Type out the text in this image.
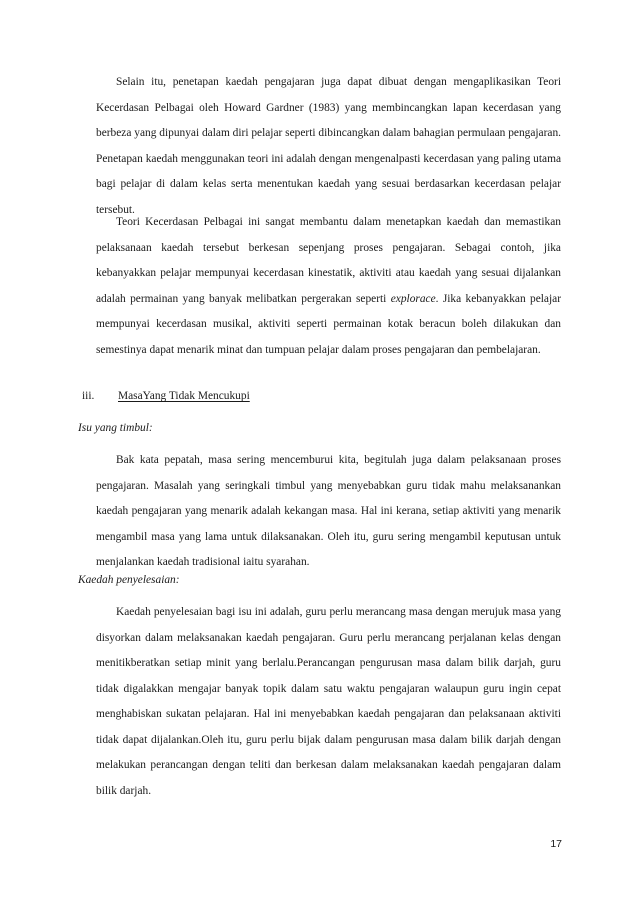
Selain itu, penetapan kaedah pengajaran juga dapat dibuat dengan mengaplikasikan Teori Kecerdasan Pelbagai oleh Howard Gardner (1983) yang membincangkan lapan kecerdasan yang berbeza yang dipunyai dalam diri pelajar seperti dibincangkan dalam bahagian permulaan pengajaran. Penetapan kaedah menggunakan teori ini adalah dengan mengenalpasti kecerdasan yang paling utama bagi pelajar di dalam kelas serta menentukan kaedah yang sesuai berdasarkan kecerdasan pelajar tersebut.

Teori Kecerdasan Pelbagai ini sangat membantu dalam menetapkan kaedah dan memastikan pelaksanaan kaedah tersebut berkesan sepenjang proses pengajaran. Sebagai contoh, jika kebanyakkan pelajar mempunyai kecerdasan kinestatik, aktiviti atau kaedah yang sesuai dijalankan adalah permainan yang banyak melibatkan pergerakan seperti explorace. Jika kebanyakkan pelajar mempunyai kecerdasan musikal, aktiviti seperti permainan kotak beracun boleh dilakukan dan semestinya dapat menarik minat dan tumpuan pelajar dalam proses pengajaran dan pembelajaran.

iii. MasaYang Tidak Mencukupi
Isu yang timbul:

Bak kata pepatah, masa sering mencemburui kita, begitulah juga dalam pelaksanaan proses pengajaran. Masalah yang seringkali timbul yang menyebabkan guru tidak mahu melaksanankan kaedah pengajaran yang menarik adalah kekangan masa. Hal ini kerana, setiap aktiviti yang menarik mengambil masa yang lama untuk dilaksanakan. Oleh itu, guru sering mengambil keputusan untuk menjalankan kaedah tradisional iaitu syarahan.

Kaedah penyelesaian:

Kaedah penyelesaian bagi isu ini adalah, guru perlu merancang masa dengan merujuk masa yang disyorkan dalam melaksanakan kaedah pengajaran. Guru perlu merancang perjalanan kelas dengan menitikberatkan setiap minit yang berlalu.Perancangan pengurusan masa dalam bilik darjah, guru tidak digalakkan mengajar banyak topik dalam satu waktu pengajaran walaupun guru ingin cepat menghabiskan sukatan pelajaran. Hal ini menyebabkan kaedah pengajaran dan pelaksanaan aktiviti tidak dapat dijalankan.Oleh itu, guru perlu bijak dalam pengurusan masa dalam bilik darjah dengan melakukan perancangan dengan teliti dan berkesan dalam melaksanakan kaedah pengajaran dalam bilik darjah.

17
